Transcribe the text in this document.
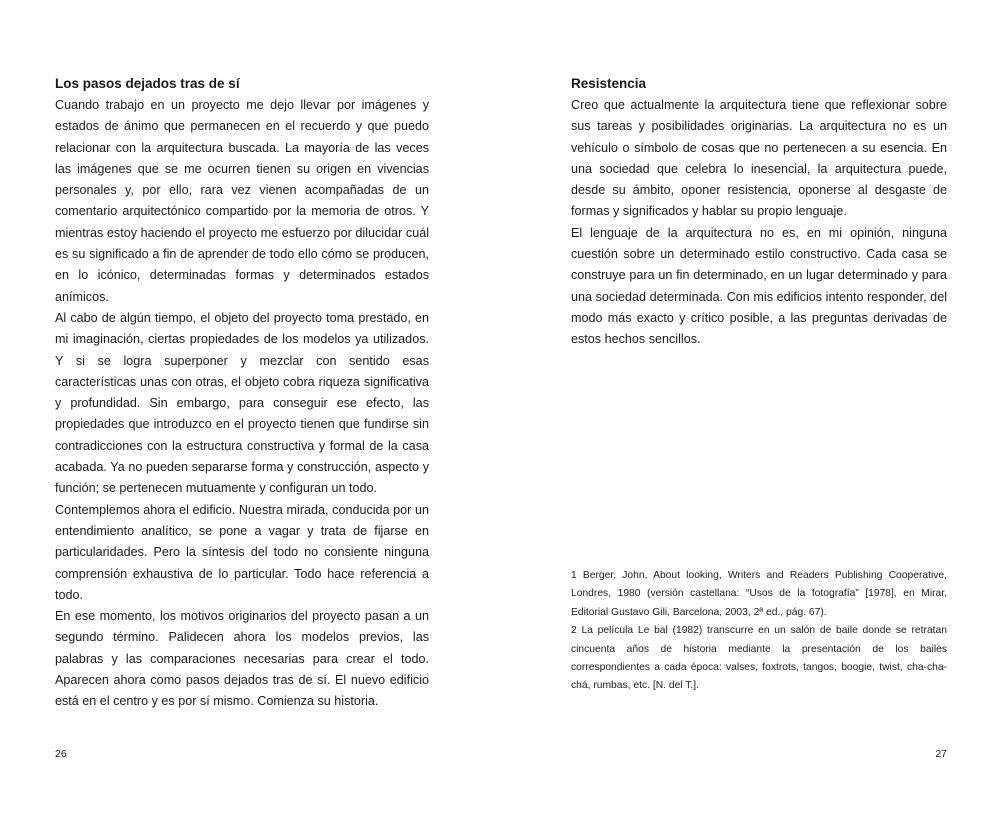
Los pasos dejados tras de sí

Cuando trabajo en un proyecto me dejo llevar por imágenes y estados de ánimo que permanecen en el recuerdo y que puedo relacionar con la arquitectura buscada. La mayoría de las veces las imágenes que se me ocurren tienen su origen en vivencias personales y, por ello, rara vez vienen acompañadas de un comentario arquitectónico compartido por la memoria de otros. Y mientras estoy haciendo el proyecto me esfuerzo por dilucidar cuál es su significado a fin de aprender de todo ello cómo se producen, en lo icónico, determinadas formas y determinados estados anímicos.

Al cabo de algún tiempo, el objeto del proyecto toma prestado, en mi imaginación, ciertas propiedades de los modelos ya utilizados. Y si se logra superponer y mezclar con sentido esas características unas con otras, el objeto cobra riqueza significativa y profundidad. Sin embargo, para conseguir ese efecto, las propiedades que introduzco en el proyecto tienen que fundirse sin contradicciones con la estructura constructiva y formal de la casa acabada. Ya no pueden separarse forma y construcción, aspecto y función; se pertenecen mutuamente y configuran un todo.

Contemplemos ahora el edificio. Nuestra mirada, conducida por un entendimiento analítico, se pone a vagar y trata de fijarse en particularidades. Pero la síntesis del todo no consiente ninguna comprensión exhaustiva de lo particular. Todo hace referencia a todo.

En ese momento, los motivos originarios del proyecto pasan a un segundo término. Palidecen ahora los modelos previos, las palabras y las comparaciones necesarias para crear el todo. Aparecen ahora como pasos dejados tras de sí. El nuevo edificio está en el centro y es por sí mismo. Comienza su historia.

26
Resistencia

Creo que actualmente la arquitectura tiene que reflexionar sobre sus tareas y posibilidades originarias. La arquitectura no es un vehículo o símbolo de cosas que no pertenecen a su esencia. En una sociedad que celebra lo inesencial, la arquitectura puede, desde su ámbito, oponer resistencia, oponerse al desgaste de formas y significados y hablar su propio lenguaje.

El lenguaje de la arquitectura no es, en mi opinión, ninguna cuestión sobre un determinado estilo constructivo. Cada casa se construye para un fin determinado, en un lugar determinado y para una sociedad determinada. Con mis edificios intento responder, del modo más exacto y crítico posible, a las preguntas derivadas de estos hechos sencillos.

1 Berger, John, About looking, Writers and Readers Publishing Cooperative, Londres, 1980 (versión castellana: “Usos de la fotografía” [1978], en Mirar, Editorial Gustavo Gili, Barcelona, 2003, 2ª ed., pág. 67).

2 La película Le bal (1982) transcurre en un salón de baile donde se retratan cincuenta años de historia mediante la presentación de los bailes correspondientes a cada época: valses, foxtrots, tangos, boogie, twist, cha-cha-chá, rumbas, etc. [N. del T.].

27
